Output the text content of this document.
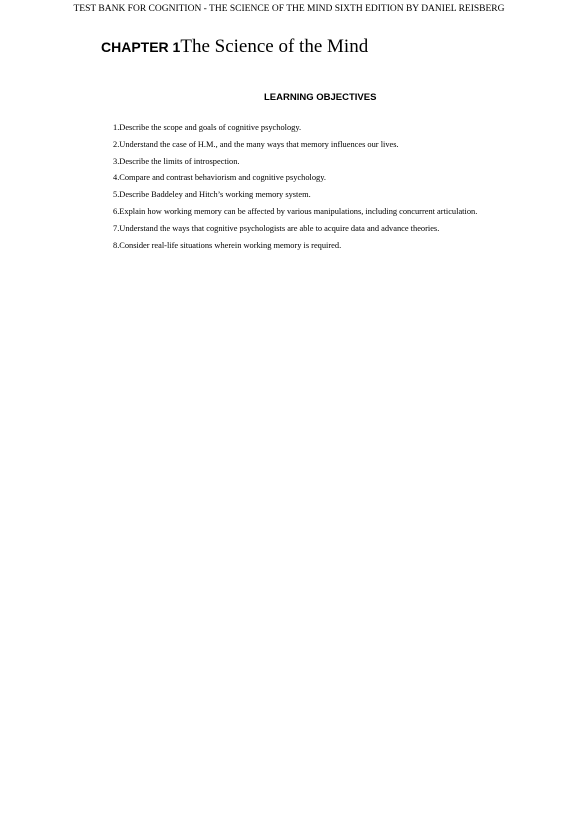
TEST BANK FOR COGNITION - THE SCIENCE OF THE MIND SIXTH EDITION BY DANIEL REISBERG
CHAPTER 1The Science of the Mind
LEARNING OBJECTIVES
1.Describe the scope and goals of cognitive psychology.
2.Understand the case of H.M., and the many ways that memory influences our lives.
3.Describe the limits of introspection.
4.Compare and contrast behaviorism and cognitive psychology.
5.Describe Baddeley and Hitch’s working memory system.
6.Explain how working memory can be affected by various manipulations, including concurrent articulation.
7.Understand the ways that cognitive psychologists are able to acquire data and advance theories.
8.Consider real-life situations wherein working memory is required.
